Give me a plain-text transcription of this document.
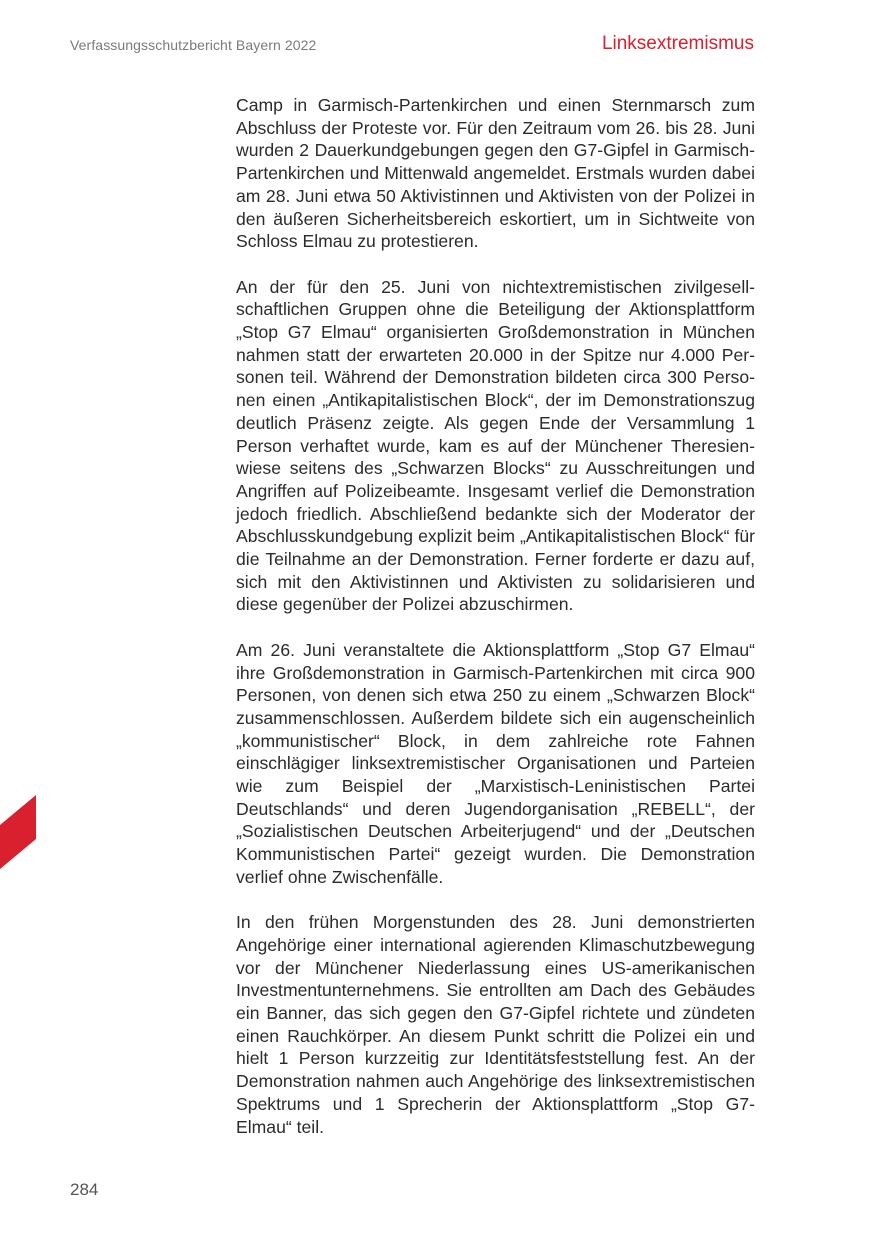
Verfassungsschutzbericht Bayern 2022	Linksextremismus

Camp in Garmisch-Partenkirchen und einen Sternmarsch zum Abschluss der Proteste vor. Für den Zeitraum vom 26. bis 28. Juni wurden 2 Dauerkundgebungen gegen den G7-Gipfel in Garmisch-Partenkirchen und Mittenwald angemeldet. Erstmals wurden dabei am 28. Juni etwa 50 Aktivistinnen und Aktivisten von der Polizei in den äußeren Sicherheitsbereich eskortiert, um in Sichtweite von Schloss Elmau zu protestieren.

An der für den 25. Juni von nichtextremistischen zivilgesellschaftlichen Gruppen ohne die Beteiligung der Aktionsplattform „Stop G7 Elmau“ organisierten Großdemonstration in München nahmen statt der erwarteten 20.000 in der Spitze nur 4.000 Personen teil. Während der Demonstration bildeten circa 300 Personen einen „Antikapitalistischen Block“, der im Demonstrationszug deutlich Präsenz zeigte. Als gegen Ende der Versammlung 1 Person verhaftet wurde, kam es auf der Münchener Theresienwiese seitens des „Schwarzen Blocks“ zu Ausschreitungen und Angriffen auf Polizeibeamte. Insgesamt verlief die Demonstration jedoch friedlich. Abschließend bedankte sich der Moderator der Abschlusskundgebung explizit beim „Antikapitalistischen Block“ für die Teilnahme an der Demonstration. Ferner forderte er dazu auf, sich mit den Aktivistinnen und Aktivisten zu solidarisieren und diese gegenüber der Polizei abzuschirmen.

Am 26. Juni veranstaltete die Aktionsplattform „Stop G7 Elmau“ ihre Großdemonstration in Garmisch-Partenkirchen mit circa 900 Personen, von denen sich etwa 250 zu einem „Schwarzen Block“ zusammenschlossen. Außerdem bildete sich ein augenscheinlich „kommunistischer“ Block, in dem zahlreiche rote Fahnen einschlägiger linksextremistischer Organisationen und Parteien wie zum Beispiel der „Marxistisch-Leninistischen Partei Deutschlands“ und deren Jugendorganisation „REBELL“, der „Sozialistischen Deutschen Arbeiterjugend“ und der „Deutschen Kommunistischen Partei“ gezeigt wurden. Die Demonstration verlief ohne Zwischenfälle.

In den frühen Morgenstunden des 28. Juni demonstrierten Angehörige einer international agierenden Klimaschutzbewegung vor der Münchener Niederlassung eines US-amerikanischen Investmentunternehmens. Sie entrollten am Dach des Gebäudes ein Banner, das sich gegen den G7-Gipfel richtete und zündeten einen Rauchkörper. An diesem Punkt schritt die Polizei ein und hielt 1 Person kurzzeitig zur Identitätsfeststellung fest. An der Demonstration nahmen auch Angehörige des linksextremistischen Spektrums und 1 Sprecherin der Aktionsplattform „Stop G7-Elmau“ teil.

284
